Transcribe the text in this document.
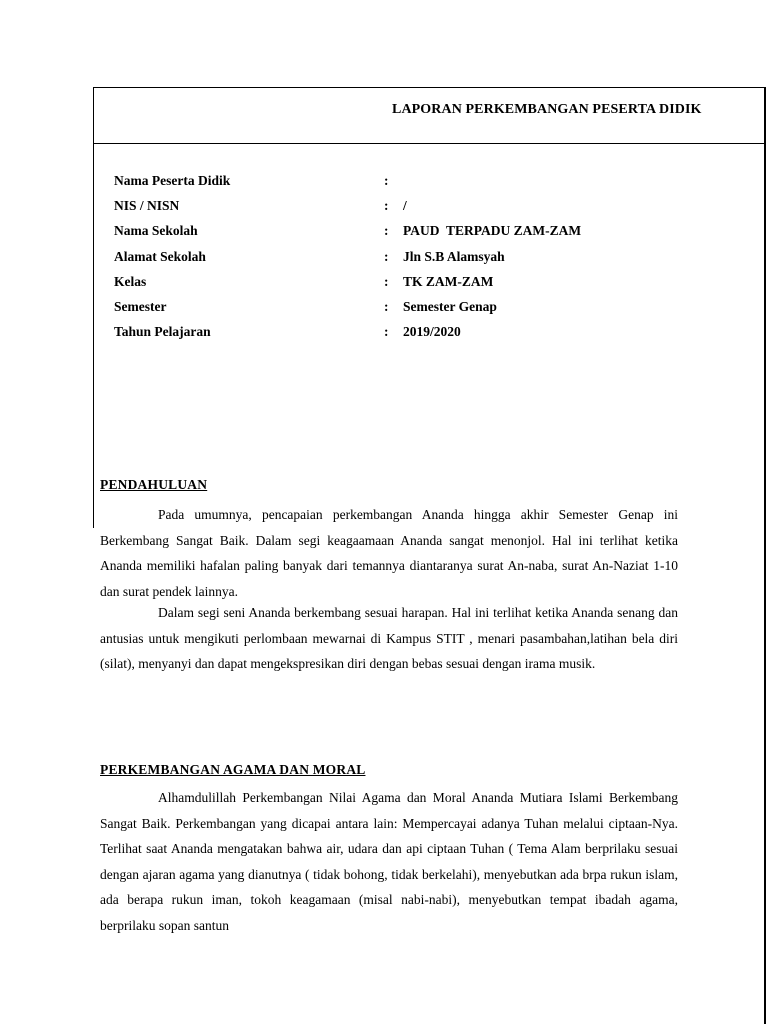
LAPORAN PERKEMBANGAN PESERTA DIDIK
Nama Peserta Didik	:
NIS / NISN	: /
Nama Sekolah	: PAUD  TERPADU ZAM-ZAM
Alamat Sekolah	: Jln S.B Alamsyah
Kelas	: TK ZAM-ZAM
Semester	: Semester Genap
Tahun Pelajaran	: 2019/2020
PENDAHULUAN

Pada umumnya, pencapaian perkembangan Ananda hingga akhir Semester Genap ini Berkembang Sangat Baik. Dalam segi keagaamaan Ananda sangat menonjol. Hal ini terlihat ketika Ananda memiliki hafalan paling banyak dari temannya diantaranya surat An-naba, surat An-Naziat 1-10 dan surat pendek lainnya.

Dalam segi seni Ananda berkembang sesuai harapan. Hal ini terlihat ketika Ananda senang dan antusias untuk mengikuti perlombaan mewarnai di Kampus STIT , menari pasambahan,latihan bela diri (silat), menyanyi dan dapat mengekspresikan diri dengan bebas sesuai dengan irama musik.

PERKEMBANGAN AGAMA DAN MORAL

Alhamdulillah Perkembangan Nilai Agama dan Moral Ananda Mutiara Islami Berkembang Sangat Baik. Perkembangan yang dicapai antara lain: Mempercayai adanya Tuhan melalui ciptaan-Nya. Terlihat saat Ananda mengatakan bahwa air, udara dan api ciptaan Tuhan ( Tema Alam berprilaku sesuai dengan ajaran agama yang dianutnya ( tidak bohong, tidak berkelahi), menyebutkan ada brpa rukun islam, ada berapa rukun iman, tokoh keagamaan (misal nabi-nabi), menyebutkan tempat ibadah agama, berprilaku sopan santun
